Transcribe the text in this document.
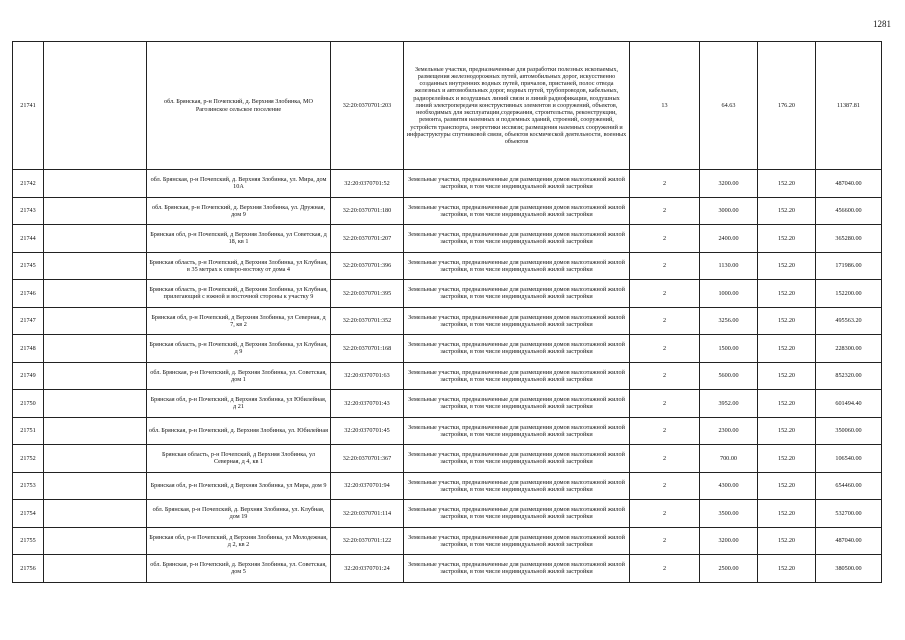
1281
21741		обл. Брянская, р-н Почепский, д. Верхняя Злобинка, МО Рагозинское сельское поселение	32:20:0370701:203	Земельные участки, предназначенные для разработки полезных ископаемых, размещения железнодорожных путей, автомобильных дорог, искусственно созданных внутренних водных путей, причалов, пристаней, полос отвода железных и автомобильных дорог, водных путей, трубопроводов, кабельных, радиорелейных и воздушных линий связи и линий радиофикации, воздушных линий электропередачи конструктивных элементов и сооружений, объектов, необходимых для эксплуатации,содержания, строительства, реконструкции, ремонта, развития наземных и подземных зданий, строений, сооружений, устройств транспорта, энергетики иссвязи; размещения наземных сооружений и инфраструктуры спутниковой связи, объектов космической деятельности, военных объектов	13	64.63	176.20	11387.81
21742		обл. Брянская, р-н Почепский, д. Верхняя Злобинка, ул. Мира, дом 10А	32:20:0370701:52	Земельные участки, предназначенные для размещения домов малоэтажной жилой застройки, в том числе индивидуальной жилой застройки	2	3200.00	152.20	487040.00
21743		обл. Брянская, р-н Почепский, д. Верхняя Злобинка, ул. Дружная, дом 9	32:20:0370701:180	Земельные участки, предназначенные для размещения домов малоэтажной жилой застройки, в том числе индивидуальной жилой застройки	2	3000.00	152.20	456600.00
21744		Брянская обл, р-н Почепский, д Верхняя Злобинка, ул Советская, д 18, кв 1	32:20:0370701:207	Земельные участки, предназначенные для размещения домов малоэтажной жилой застройки, в том числе индивидуальной жилой застройки	2	2400.00	152.20	365280.00
21745		Брянская область, р-н Почепский, д Верхняя Злобинка, ул Клубная, в 35 метрах к северо-востоку от дома 4	32:20:0370701:396	Земельные участки, предназначенные для размещения домов малоэтажной жилой застройки, в том числе индивидуальной жилой застройки	2	1130.00	152.20	171986.00
21746		Брянская область, р-н Почепский, д Верхняя Злобинка, ул Клубная, прилегающий с южной и восточной стороны к участку 9	32:20:0370701:395	Земельные участки, предназначенные для размещения домов малоэтажной жилой застройки, в том числе индивидуальной жилой застройки	2	1000.00	152.20	152200.00
21747		Брянская обл, р-н Почепский, д Верхняя Злобинка, ул Северная, д 7, кв 2	32:20:0370701:352	Земельные участки, предназначенные для размещения домов малоэтажной жилой застройки, в том числе индивидуальной жилой застройки	2	3256.00	152.20	495563.20
21748		Брянская область, р-н Почепский, д Верхняя Злобинка, ул Клубная, д 9	32:20:0370701:168	Земельные участки, предназначенные для размещения домов малоэтажной жилой застройки, в том числе индивидуальной жилой застройки	2	1500.00	152.20	228300.00
21749		обл. Брянская, р-н Почепский, д. Верхняя Злобинка, ул. Советская, дом 1	32:20:0370701:63	Земельные участки, предназначенные для размещения домов малоэтажной жилой застройки, в том числе индивидуальной жилой застройки	2	5600.00	152.20	852320.00
21750		Брянская обл, р-н Почепский, д Верхняя Злобинка, ул Юбилейная, д 21	32:20:0370701:43	Земельные участки, предназначенные для размещения домов малоэтажной жилой застройки, в том числе индивидуальной жилой застройки	2	3952.00	152.20	601494.40
21751		обл. Брянская, р-н Почепский, д. Верхняя Злобинка, ул. Юбилейная	32:20:0370701:45	Земельные участки, предназначенные для размещения домов малоэтажной жилой застройки, в том числе индивидуальной жилой застройки	2	2300.00	152.20	350060.00
21752		Брянская область, р-н Почепский, д Верхняя Злобинка, ул Северная, д 4, кв 1	32:20:0370701:367	Земельные участки, предназначенные для размещения домов малоэтажной жилой застройки, в том числе индивидуальной жилой застройки	2	700.00	152.20	106540.00
21753		Брянская обл, р-н Почепский, д Верхняя Злобинка, ул Мира, дом 9	32:20:0370701:94	Земельные участки, предназначенные для размещения домов малоэтажной жилой застройки, в том числе индивидуальной жилой застройки	2	4300.00	152.20	654460.00
21754		обл. Брянская, р-н Почепский, д. Верхняя Злобинка, ул. Клубная, дом 19	32:20:0370701:114	Земельные участки, предназначенные для размещения домов малоэтажной жилой застройки, в том числе индивидуальной жилой застройки	2	3500.00	152.20	532700.00
21755		Брянская обл, р-н Почепский, д Верхняя Злобинка, ул Молодежная, д 2, кв 2	32:20:0370701:122	Земельные участки, предназначенные для размещения домов малоэтажной жилой застройки, в том числе индивидуальной жилой застройки	2	3200.00	152.20	487040.00
21756		обл. Брянская, р-н Почепский, д. Верхняя Злобинка, ул. Советская, дом 5	32:20:0370701:24	Земельные участки, предназначенные для размещения домов малоэтажной жилой застройки, в том числе индивидуальной жилой застройки	2	2500.00	152.20	380500.00
